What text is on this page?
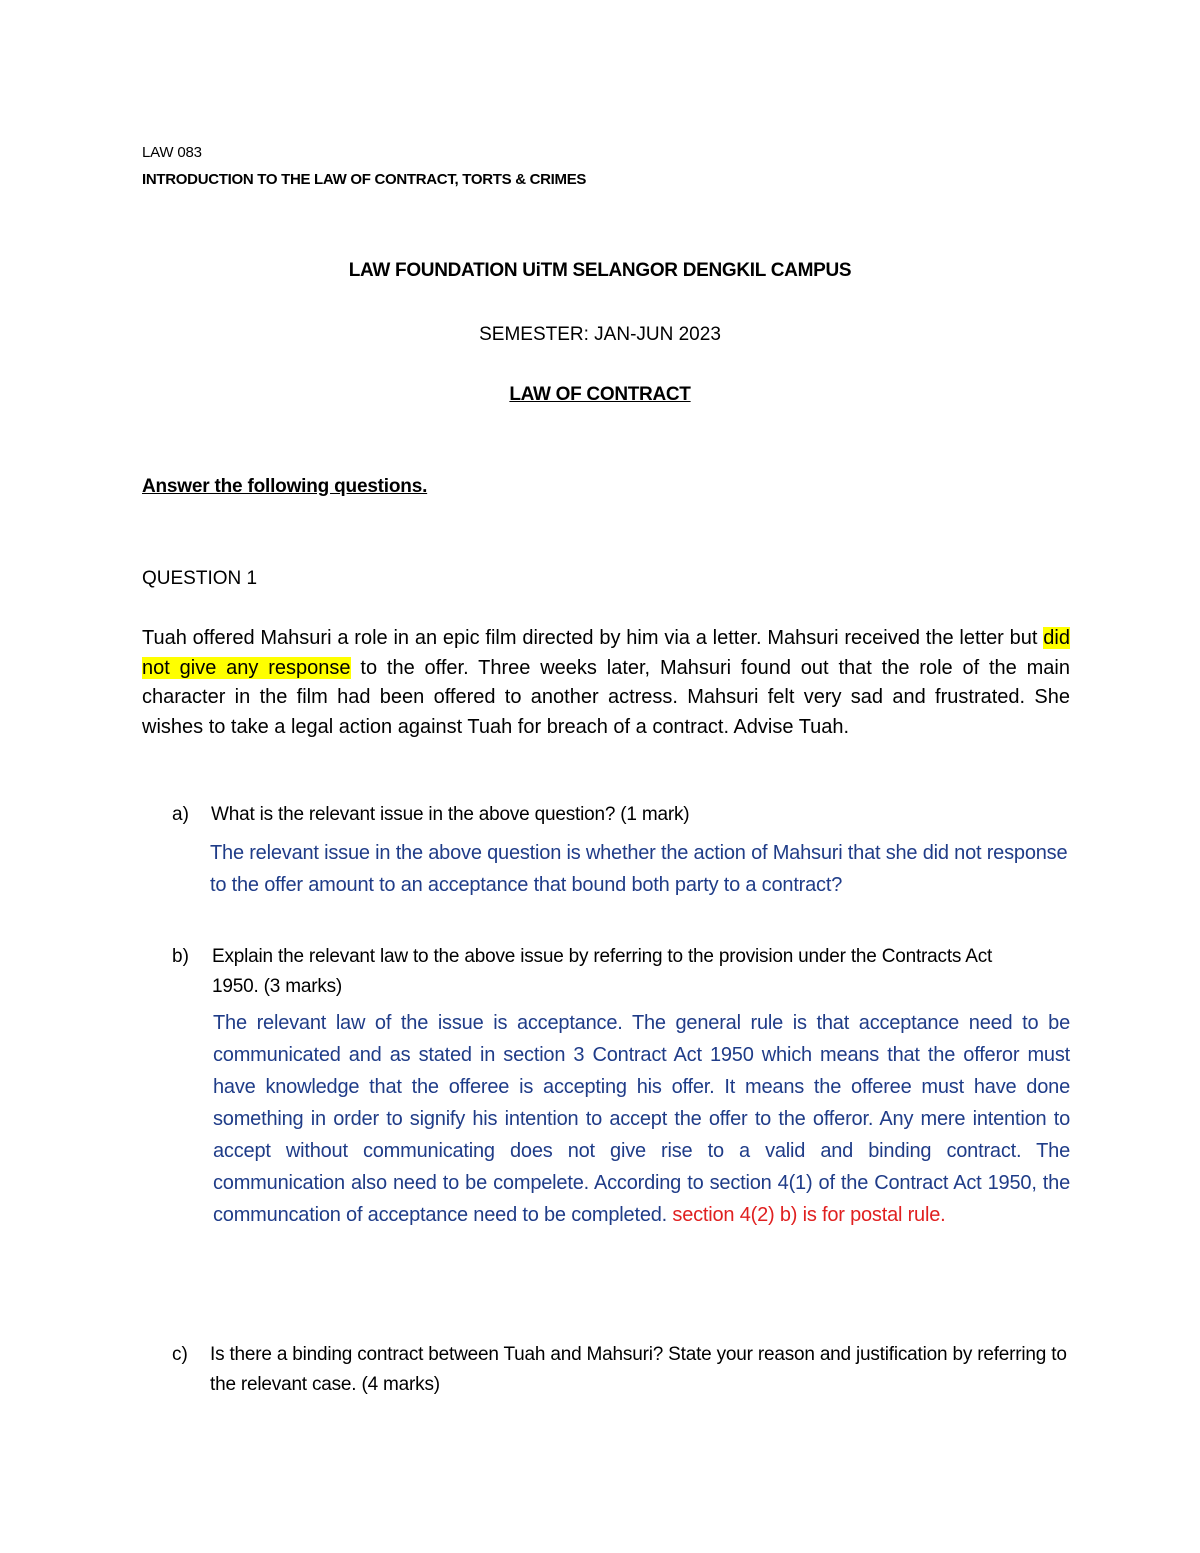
LAW 083

INTRODUCTION TO THE LAW OF CONTRACT, TORTS & CRIMES

LAW FOUNDATION UiTM SELANGOR DENGKIL CAMPUS

SEMESTER: JAN-JUN 2023

LAW OF CONTRACT

Answer the following questions.

QUESTION 1

Tuah offered Mahsuri a role in an epic film directed by him via a letter. Mahsuri received the letter but did not give any response to the offer. Three weeks later, Mahsuri found out that the role of the main character in the film had been offered to another actress. Mahsuri felt very sad and frustrated. She wishes to take a legal action against Tuah for breach of a contract. Advise Tuah.

a) What is the relevant issue in the above question? (1 mark)

The relevant issue in the above question is whether the action of Mahsuri that she did not response to the offer amount to an acceptance that bound both party to a contract?

b) Explain the relevant law to the above issue by referring to the provision under the Contracts Act 1950. (3 marks)

The relevant law of the issue is acceptance. The general rule is that acceptance need to be communicated and as stated in section 3 Contract Act 1950 which means that the offeror must have knowledge that the offeree is accepting his offer. It means the offeree must have done something in order to signify his intention to accept the offer to the offeror. Any mere intention to accept without communicating does not give rise to a valid and binding contract. The communication also need to be compelete. According to section 4(1) of the Contract Act 1950, the communcation of acceptance need to be completed. section 4(2) b) is for postal rule.

c) Is there a binding contract between Tuah and Mahsuri? State your reason and justification by referring to the relevant case. (4 marks)
